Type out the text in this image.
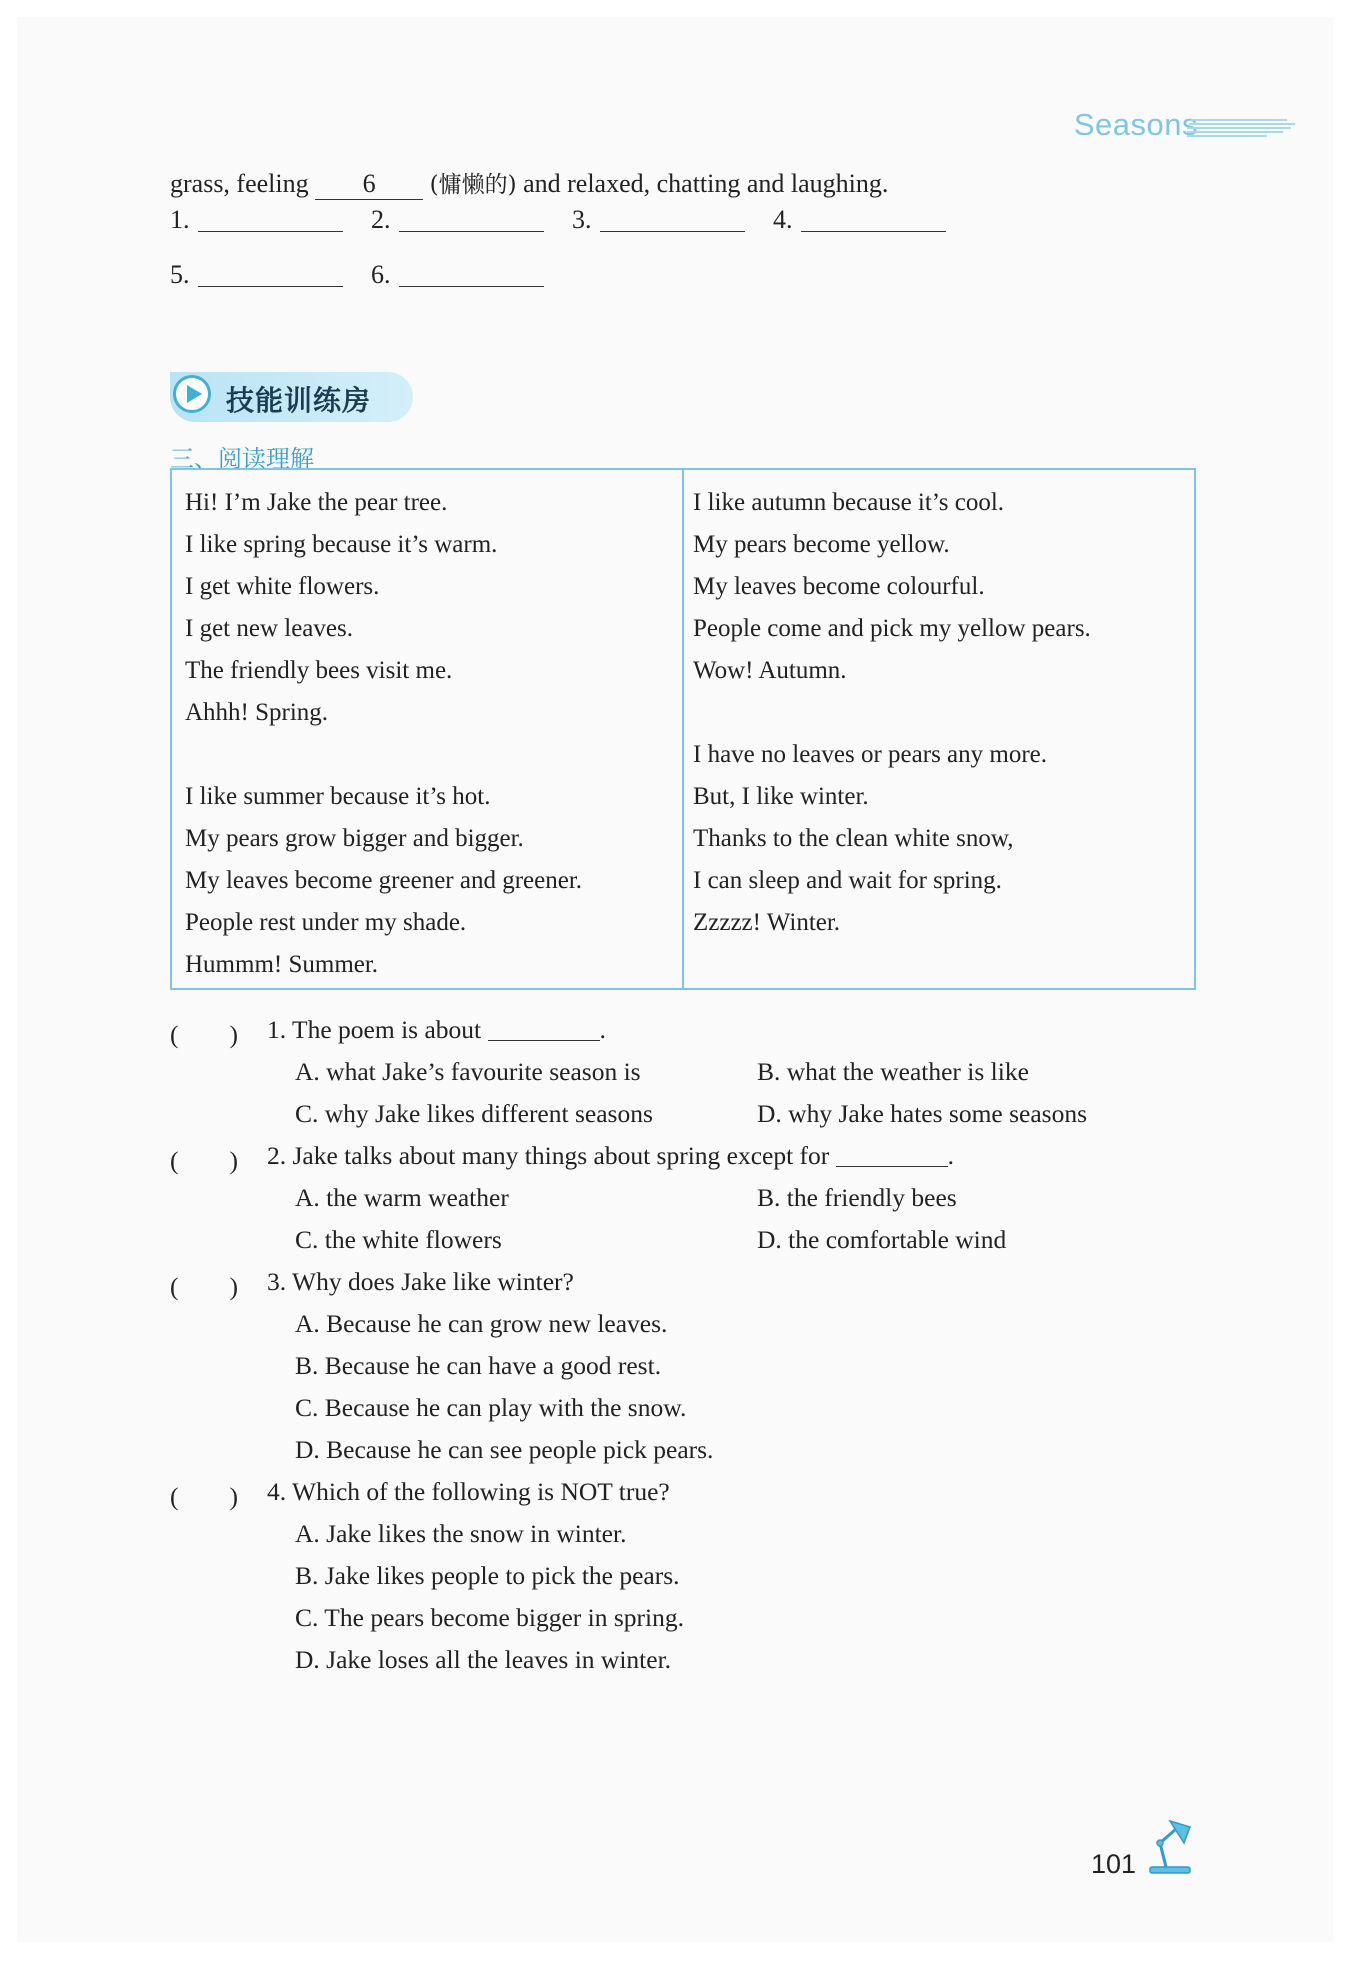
Seasons
grass, feeling 6 (慵懒的) and relaxed, chatting and laughing.
1.	2.	3.	4.
5.	6.
技能训练房
三、阅读理解
Hi! I’m Jake the pear tree.
I like spring because it’s warm.
I get white flowers.
I get new leaves.
The friendly bees visit me.
Ahhh! Spring.
I like summer because it’s hot.
My pears grow bigger and bigger.
My leaves become greener and greener.
People rest under my shade.
Hummm! Summer.
I like autumn because it’s cool.
My pears become yellow.
My leaves become colourful.
People come and pick my yellow pears.
Wow! Autumn.
I have no leaves or pears any more.
But, I like winter.
Thanks to the clean white snow,
I can sleep and wait for spring.
Zzzzz! Winter.
(　　) 1. The poem is about	.
A. what Jake’s favourite season is	B. what the weather is like
C. why Jake likes different seasons	D. why Jake hates some seasons
(　　) 2. Jake talks about many things about spring except for	.
A. the warm weather	B. the friendly bees
C. the white flowers	D. the comfortable wind
(　　) 3. Why does Jake like winter?
A. Because he can grow new leaves.
B. Because he can have a good rest.
C. Because he can play with the snow.
D. Because he can see people pick pears.
(　　) 4. Which of the following is NOT true?
A. Jake likes the snow in winter.
B. Jake likes people to pick the pears.
C. The pears become bigger in spring.
D. Jake loses all the leaves in winter.
101
